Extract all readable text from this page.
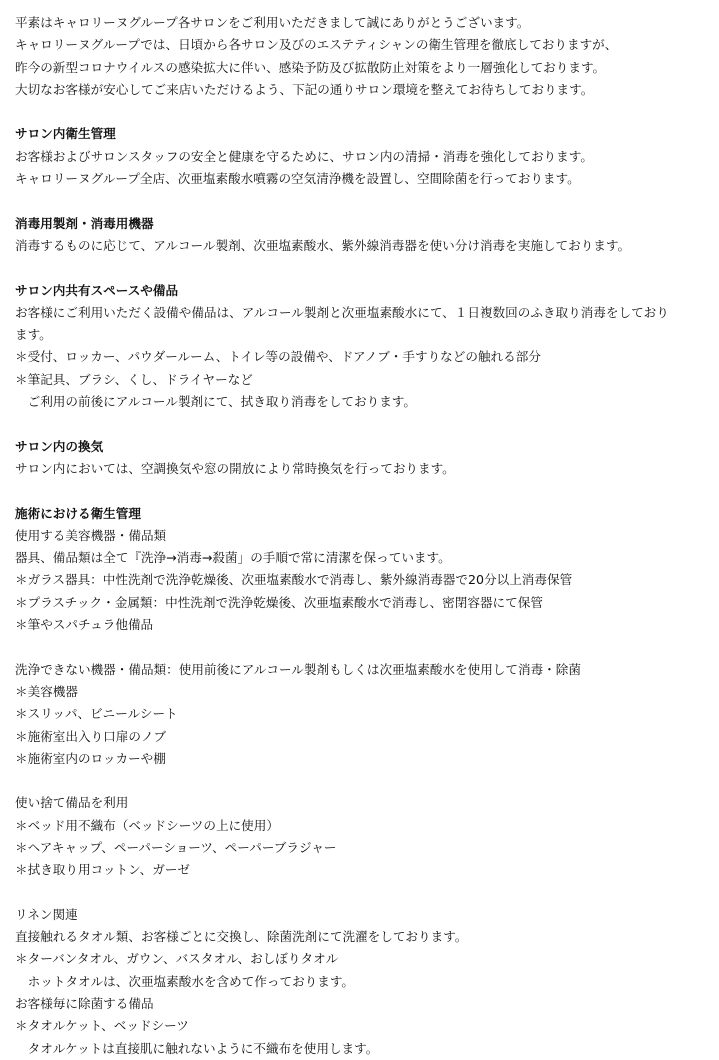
平素はキャロリーヌグループ各サロンをご利用いただきまして誠にありがとうございます。
キャロリーヌグループでは、日頃から各サロン及びのエステティシャンの衛生管理を徹底しておりますが、
昨今の新型コロナウイルスの感染拡大に伴い、感染予防及び拡散防止対策をより一層強化しております。
大切なお客様が安心してご来店いただけるよう、下記の通りサロン環境を整えてお待ちしております。
サロン内衛生管理
お客様およびサロンスタッフの安全と健康を守るために、サロン内の清掃・消毒を強化しております。
キャロリーヌグループ全店、次亜塩素酸水噴霧の空気清浄機を設置し、空間除菌を行っております。
消毒用製剤・消毒用機器
消毒するものに応じて、アルコール製剤、次亜塩素酸水、紫外線消毒器を使い分け消毒を実施しております。
サロン内共有スペースや備品
お客様にご利用いただく設備や備品は、アルコール製剤と次亜塩素酸水にて、１日複数回のふき取り消毒をしており
ます。
＊受付、ロッカー、パウダールーム、トイレ等の設備や、ドアノブ・手すりなどの触れる部分
＊筆記具、ブラシ、くし、ドライヤーなど
　ご利用の前後にアルコール製剤にて、拭き取り消毒をしております。
サロン内の換気
サロン内においては、空調換気や窓の開放により常時換気を行っております。
施術における衛生管理
使用する美容機器・備品類
器具、備品類は全て『洗浄→消毒→殺菌」の手順で常に清潔を保っています。
＊ガラス器具：中性洗剤で洗浄乾燥後、次亜塩素酸水で消毒し、紫外線消毒器で20分以上消毒保管
＊プラスチック・金属類：中性洗剤で洗浄乾燥後、次亜塩素酸水で消毒し、密閉容器にて保管
＊筆やスパチュラ他備品
洗浄できない機器・備品類：使用前後にアルコール製剤もしくは次亜塩素酸水を使用して消毒・除菌
＊美容機器
＊スリッパ、ビニールシート
＊施術室出入り口扉のノブ
＊施術室内のロッカーや棚
使い捨て備品を利用
＊ベッド用不織布（ベッドシーツの上に使用）
＊ヘアキャップ、ペーパーショーツ、ペーパーブラジャー
＊拭き取り用コットン、ガーゼ
リネン関連
直接触れるタオル類、お客様ごとに交換し、除菌洗剤にて洗濯をしております。
＊ターバンタオル、ガウン、バスタオル、おしぼりタオル
　ホットタオルは、次亜塩素酸水を含めて作っております。
お客様毎に除菌する備品
＊タオルケット、ベッドシーツ
　タオルケットは直接肌に触れないように不織布を使用します。
